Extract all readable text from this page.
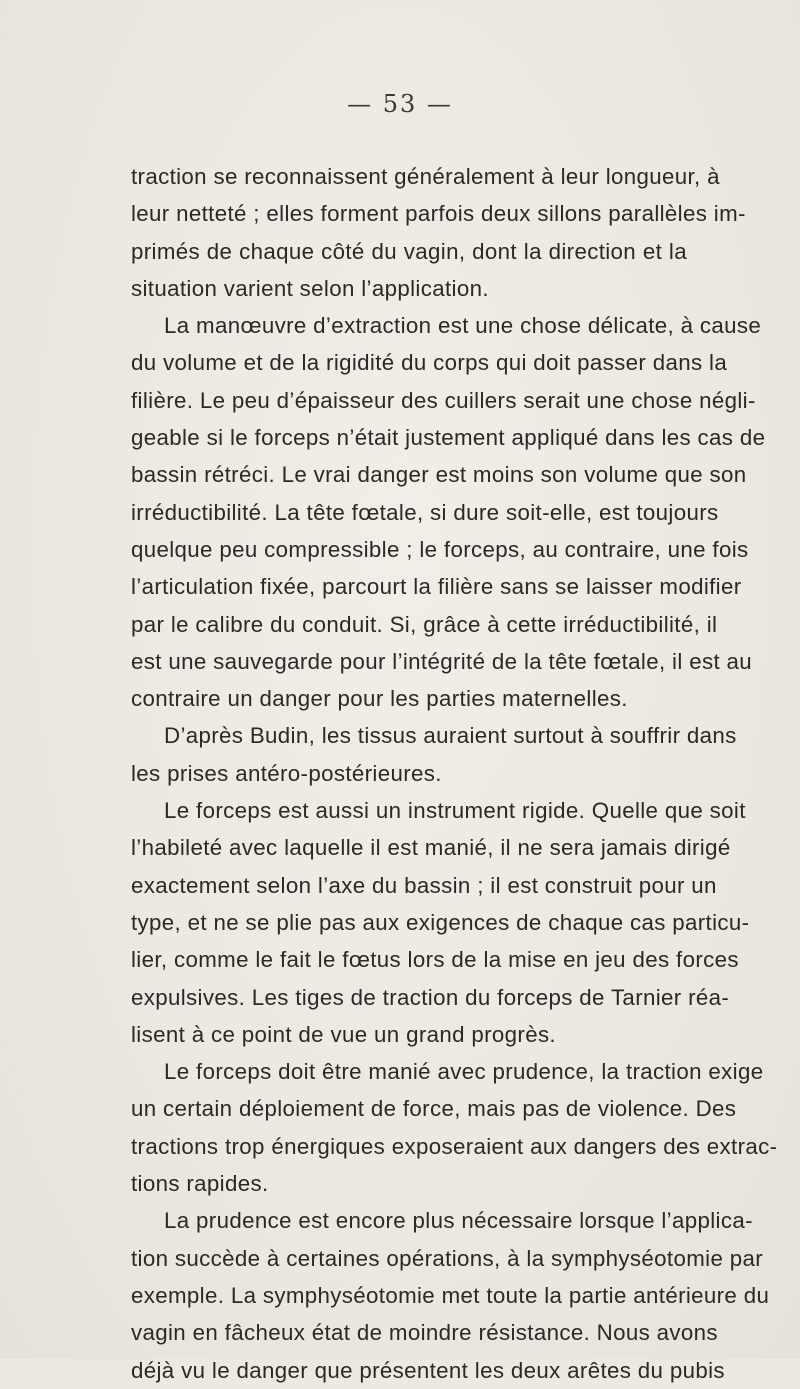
— 53 —
traction se reconnaissent généralement à leur longueur, à
leur netteté ; elles forment parfois deux sillons parallèles im-
primés de chaque côté du vagin, dont la direction et la
situation varient selon l’application.
La manœuvre d’extraction est une chose délicate, à cause
du volume et de la rigidité du corps qui doit passer dans la
filière. Le peu d’épaisseur des cuillers serait une chose négli-
geable si le forceps n’était justement appliqué dans les cas de
bassin rétréci. Le vrai danger est moins son volume que son
irréductibilité. La tête fœtale, si dure soit-elle, est toujours
quelque peu compressible ; le forceps, au contraire, une fois
l’articulation fixée, parcourt la filière sans se laisser modifier
par le calibre du conduit. Si, grâce à cette irréductibilité, il
est une sauvegarde pour l’intégrité de la tête fœtale, il est au
contraire un danger pour les parties maternelles.
D’après Budin, les tissus auraient surtout à souffrir dans
les prises antéro-postérieures.
Le forceps est aussi un instrument rigide. Quelle que soit
l’habileté avec laquelle il est manié, il ne sera jamais dirigé
exactement selon l’axe du bassin ; il est construit pour un
type, et ne se plie pas aux exigences de chaque cas particu-
lier, comme le fait le fœtus lors de la mise en jeu des forces
expulsives. Les tiges de traction du forceps de Tarnier réa-
lisent à ce point de vue un grand progrès.
Le forceps doit être manié avec prudence, la traction exige
un certain déploiement de force, mais pas de violence. Des
tractions trop énergiques exposeraient aux dangers des extrac-
tions rapides.
La prudence est encore plus nécessaire lorsque l’applica-
tion succède à certaines opérations, à la symphyséotomie par
exemple. La symphyséotomie met toute la partie antérieure du
vagin en fâcheux état de moindre résistance. Nous avons
déjà vu le danger que présentent les deux arêtes du pubis
